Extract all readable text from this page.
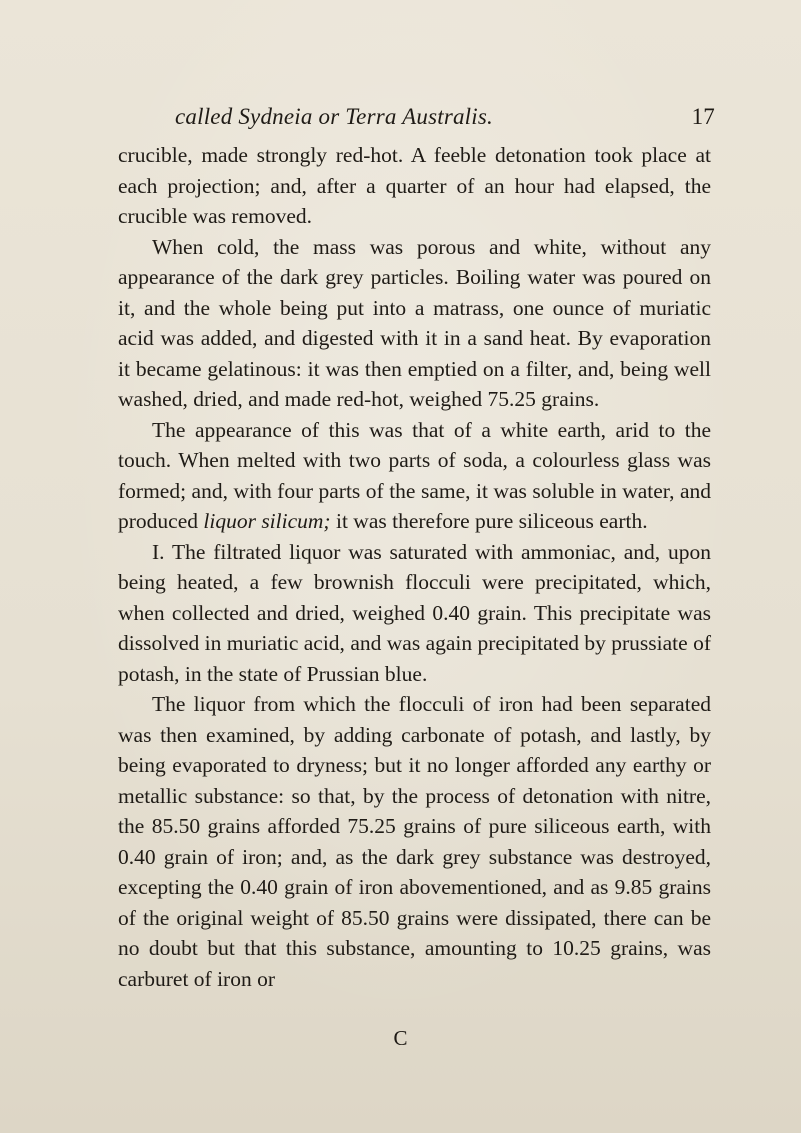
called Sydneia or Terra Australis.	17

crucible, made strongly red-hot. A feeble detonation took place at each projection; and, after a quarter of an hour had elapsed, the crucible was removed.

When cold, the mass was porous and white, without any appearance of the dark grey particles. Boiling water was poured on it, and the whole being put into a matrass, one ounce of muriatic acid was added, and digested with it in a sand heat. By evaporation it became gelatinous: it was then emptied on a filter, and, being well washed, dried, and made red-hot, weighed 75.25 grains.

The appearance of this was that of a white earth, arid to the touch. When melted with two parts of soda, a colourless glass was formed; and, with four parts of the same, it was soluble in water, and produced liquor silicum; it was therefore pure siliceous earth.

I. The filtrated liquor was saturated with ammoniac, and, upon being heated, a few brownish flocculi were precipitated, which, when collected and dried, weighed 0.40 grain. This precipitate was dissolved in muriatic acid, and was again precipitated by prussiate of potash, in the state of Prussian blue.

The liquor from which the flocculi of iron had been separated was then examined, by adding carbonate of potash, and lastly, by being evaporated to dryness; but it no longer afforded any earthy or metallic substance: so that, by the process of detonation with nitre, the 85.50 grains afforded 75.25 grains of pure siliceous earth, with 0.40 grain of iron; and, as the dark grey substance was destroyed, excepting the 0.40 grain of iron abovementioned, and as 9.85 grains of the original weight of 85.50 grains were dissipated, there can be no doubt but that this substance, amounting to 10.25 grains, was carburet of iron or

C
